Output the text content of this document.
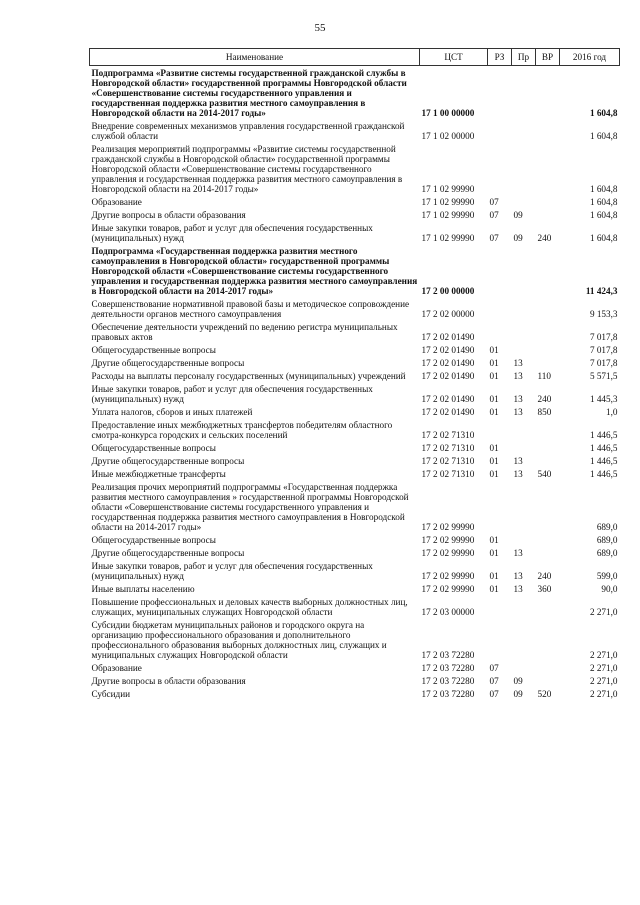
55
Наименование	ЦСТ	РЗ	Пр	ВР	2016 год
Подпрограмма «Развитие системы государственной гражданской службы в Новгородской области» государственной программы Новгородской области «Совершенствование системы государственного управления и государственная поддержка развития местного самоуправления в Новгородской области на 2014-2017 годы»	17 1 00 00000				1 604,8
Внедрение современных механизмов управления государственной гражданской службой области	17 1 02 00000				1 604,8
Реализация мероприятий подпрограммы «Развитие системы государственной гражданской службы в Новгородской области» государственной программы Новгородской области «Совершенствование системы государственного управления и государственная поддержка развития местного самоуправления в Новгородской области на 2014-2017 годы»	17 1 02 99990				1 604,8
Образование	17 1 02 99990	07			1 604,8
Другие вопросы в области образования	17 1 02 99990	07	09		1 604,8
Иные закупки товаров, работ и услуг для обеспечения государственных (муниципальных) нужд	17 1 02 99990	07	09	240	1 604,8
Подпрограмма «Государственная поддержка развития местного самоуправления в Новгородской области» государственной программы Новгородской области «Совершенствование системы государственного управления и государственная поддержка развития местного самоуправления в Новгородской области на 2014-2017 годы»	17 2 00 00000				11 424,3
Совершенствование нормативной правовой базы и методическое сопровождение деятельности органов местного самоуправления	17 2 02 00000				9 153,3
Обеспечение деятельности учреждений по ведению регистра муниципальных правовых актов	17 2 02 01490				7 017,8
Общегосударственные вопросы	17 2 02 01490	01			7 017,8
Другие общегосударственные вопросы	17 2 02 01490	01	13		7 017,8
Расходы на выплаты персоналу государственных (муниципальных) учреждений	17 2 02 01490	01	13	110	5 571,5
Иные закупки товаров, работ и услуг для обеспечения государственных (муниципальных) нужд	17 2 02 01490	01	13	240	1 445,3
Уплата налогов, сборов и иных платежей	17 2 02 01490	01	13	850	1,0
Предоставление иных межбюджетных трансфертов победителям областного смотра-конкурса городских и сельских поселений	17 2 02 71310				1 446,5
Общегосударственные вопросы	17 2 02 71310	01			1 446,5
Другие общегосударственные вопросы	17 2 02 71310	01	13		1 446,5
Иные межбюджетные трансферты	17 2 02 71310	01	13	540	1 446,5
Реализация прочих мероприятий подпрограммы «Государственная поддержка развития местного самоуправления » государственной программы Новгородской области «Совершенствование системы государственного управления и государственная поддержка развития местного самоуправления в Новгородской области на 2014-2017 годы»	17 2 02 99990				689,0
Общегосударственные вопросы	17 2 02 99990	01			689,0
Другие общегосударственные вопросы	17 2 02 99990	01	13		689,0
Иные закупки товаров, работ и услуг для обеспечения государственных (муниципальных) нужд	17 2 02 99990	01	13	240	599,0
Иные выплаты населению	17 2 02 99990	01	13	360	90,0
Повышение профессиональных и деловых качеств выборных должностных лиц, служащих, муниципальных служащих Новгородской области	17 2 03 00000				2 271,0
Субсидии бюджетам муниципальных районов и городского округа на организацию профессионального образования и дополнительного профессионального образования выборных должностных лиц, служащих и муниципальных служащих Новгородской области	17 2 03 72280				2 271,0
Образование	17 2 03 72280	07			2 271,0
Другие вопросы в области образования	17 2 03 72280	07	09		2 271,0
Субсидии	17 2 03 72280	07	09	520	2 271,0
